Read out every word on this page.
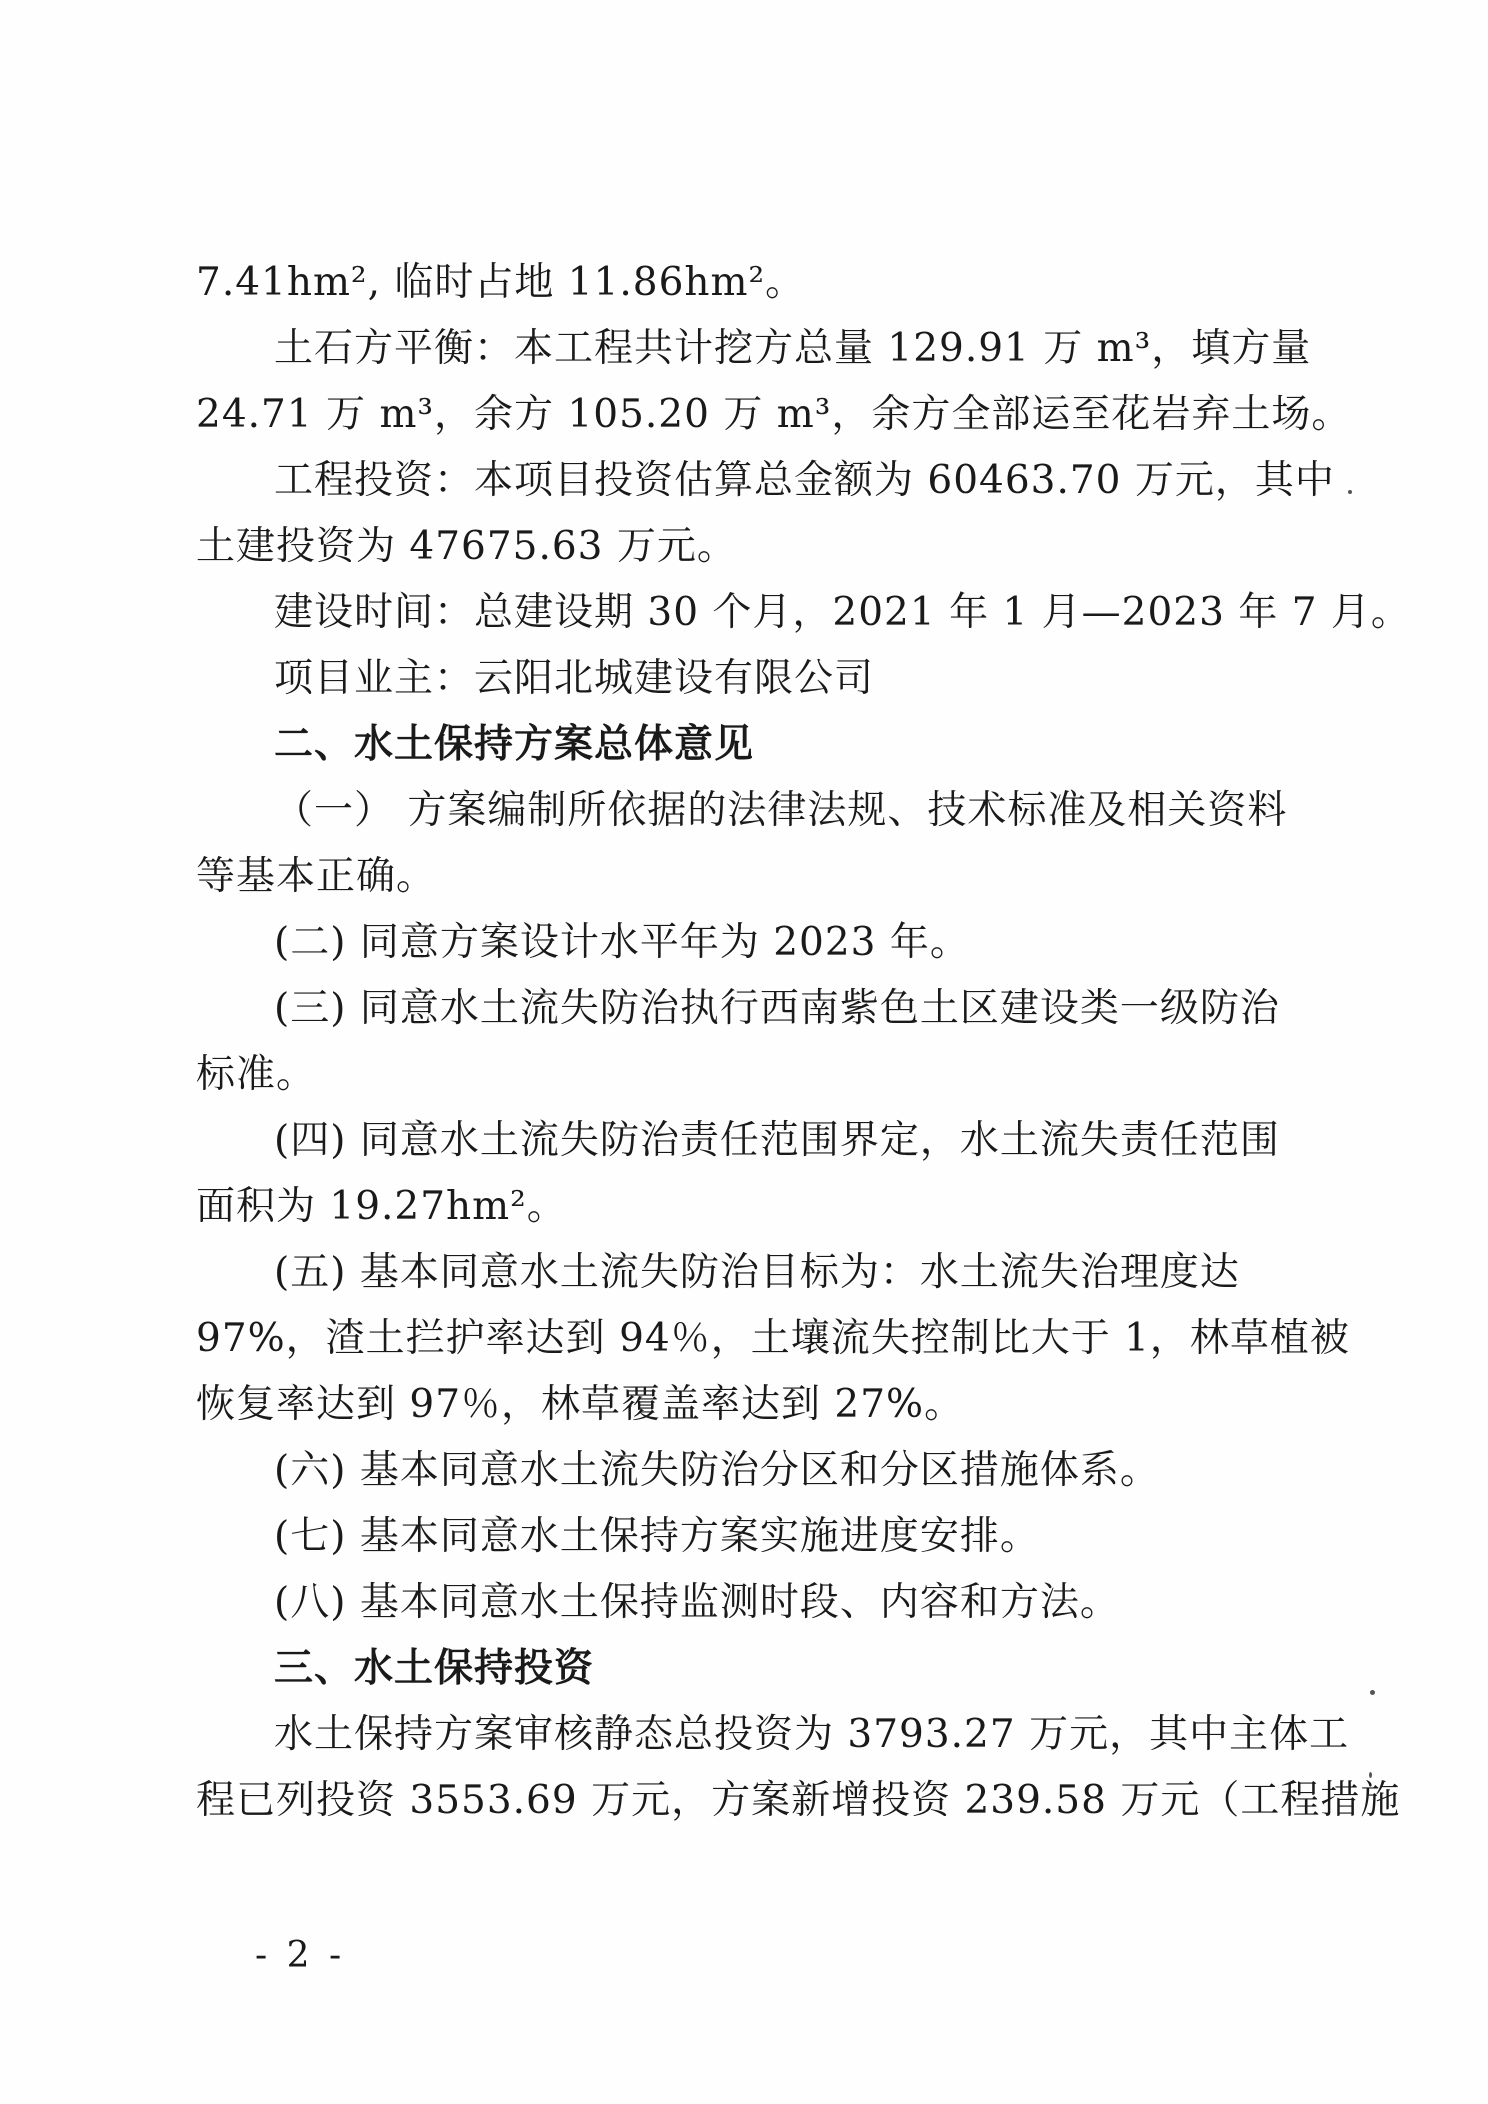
7.41hm², 临时占地 11.86hm²。
土石方平衡：本工程共计挖方总量 129.91 万 m³，填方量
24.71 万 m³，余方 105.20 万 m³，余方全部运至花岩弃土场。
工程投资：本项目投资估算总金额为 60463.70 万元，其中
土建投资为 47675.63 万元。
建设时间：总建设期 30 个月，2021 年 1 月—2023 年 7 月。
项目业主：云阳北城建设有限公司
二、水土保持方案总体意见
（一） 方案编制所依据的法律法规、技术标准及相关资料
等基本正确。
(二) 同意方案设计水平年为 2023 年。
(三) 同意水土流失防治执行西南紫色土区建设类一级防治
标准。
(四) 同意水土流失防治责任范围界定，水土流失责任范围
面积为 19.27hm²。
(五) 基本同意水土流失防治目标为：水土流失治理度达
97%，渣土拦护率达到 94％，土壤流失控制比大于 1，林草植被
恢复率达到 97％，林草覆盖率达到 27%。
(六) 基本同意水土流失防治分区和分区措施体系。
(七) 基本同意水土保持方案实施进度安排。
(八) 基本同意水土保持监测时段、内容和方法。
三、水土保持投资
水土保持方案审核静态总投资为 3793.27 万元，其中主体工
程已列投资 3553.69 万元，方案新增投资 239.58 万元（工程措施
- 2 -
